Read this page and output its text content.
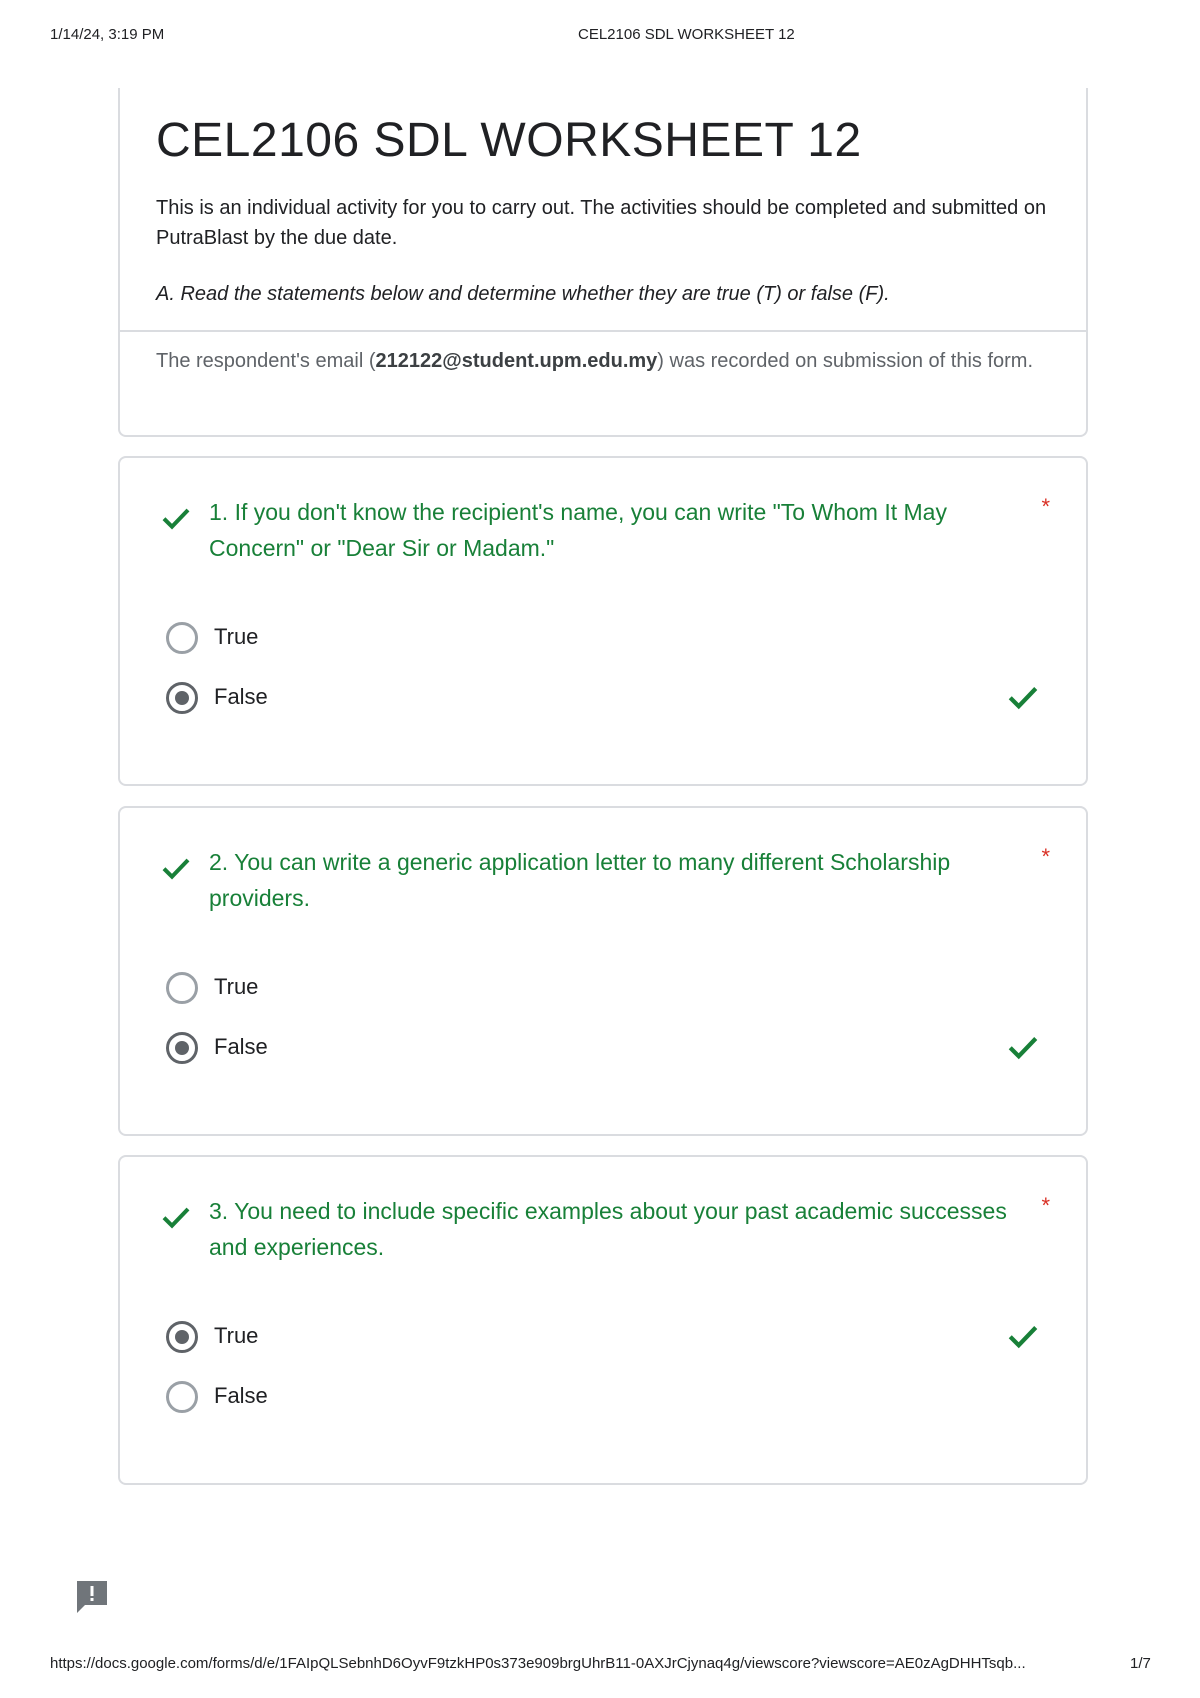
1/14/24, 3:19 PM	CEL2106 SDL WORKSHEET 12
CEL2106 SDL WORKSHEET 12
This is an individual activity for you to carry out. The activities should be completed and submitted on PutraBlast by the due date.
A. Read the statements below and determine whether they are true (T) or false (F).
The respondent's email (212122@student.upm.edu.my) was recorded on submission of this form.
1. If you don't know the recipient's name, you can write "To Whom It May Concern" or "Dear Sir or Madam."
*
True
False
2. You can write a generic application letter to many different Scholarship providers.
*
True
False
3. You need to include specific examples about your past academic successes and experiences.
*
True
False
https://docs.google.com/forms/d/e/1FAIpQLSebnhD6OyvF9tzkHP0s373e909brgUhrB11-0AXJrCjynaq4g/viewscore?viewscore=AE0zAgDHHTsqb...	1/7
